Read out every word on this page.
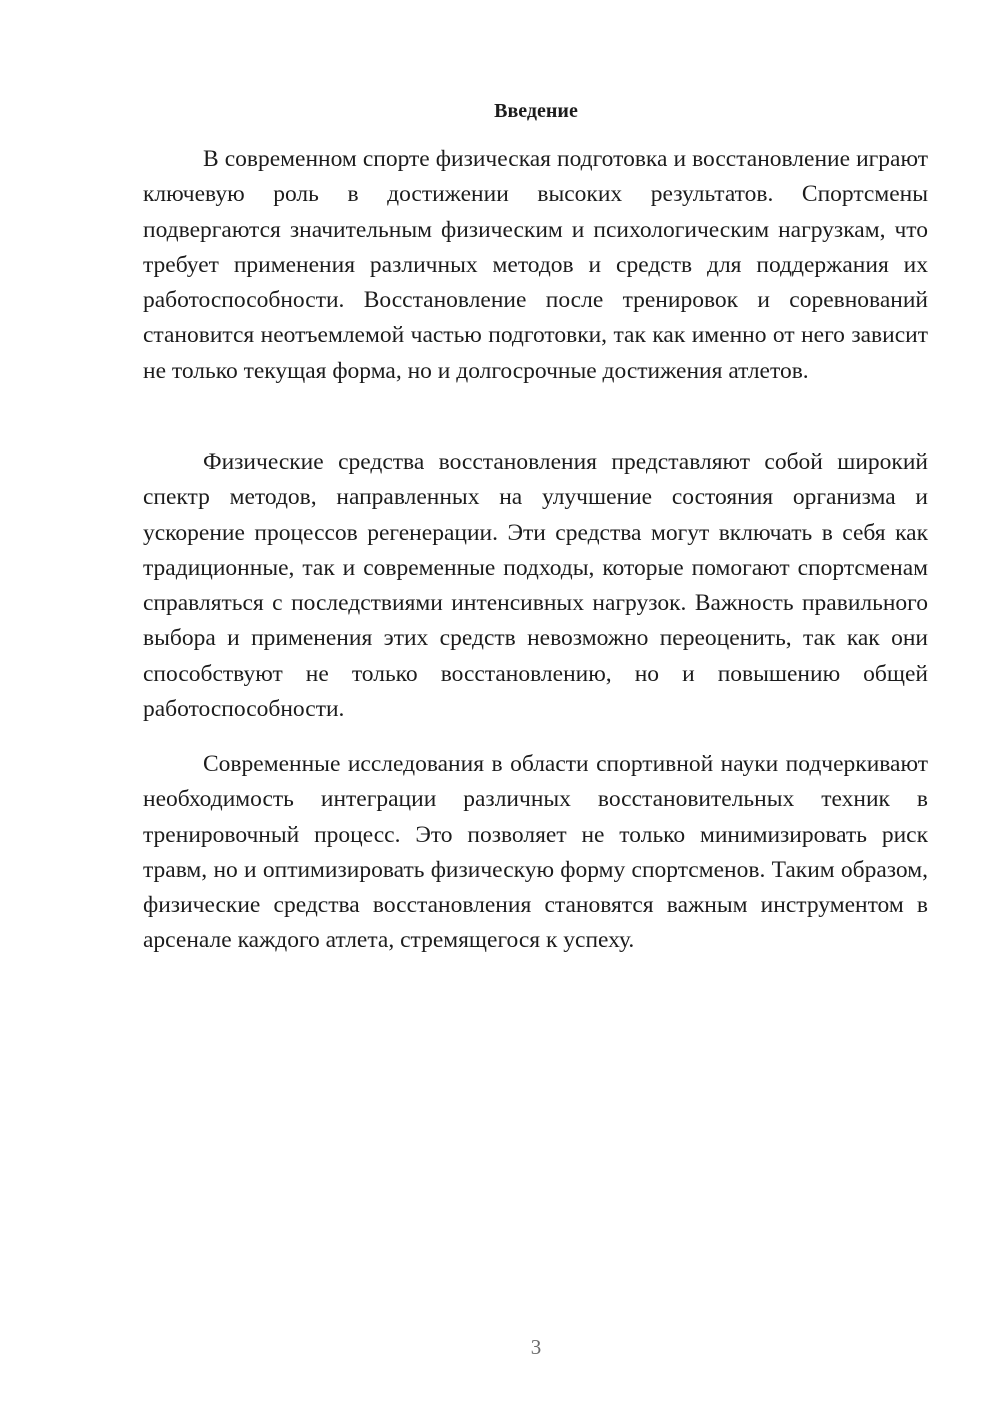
Введение

В современном спорте физическая подготовка и восстановление играют ключевую роль в достижении высоких результатов. Спортсмены подвергаются значительным физическим и психологическим нагрузкам, что требует применения различных методов и средств для поддержания их работоспособности. Восстановление после тренировок и соревнований становится неотъемлемой частью подготовки, так как именно от него зависит не только текущая форма, но и долгосрочные достижения атлетов.

Физические средства восстановления представляют собой широкий спектр методов, направленных на улучшение состояния организма и ускорение процессов регенерации. Эти средства могут включать в себя как традиционные, так и современные подходы, которые помогают спортсменам справляться с последствиями интенсивных нагрузок. Важность правильного выбора и применения этих средств невозможно переоценить, так как они способствуют не только восстановлению, но и повышению общей работоспособности.

Современные исследования в области спортивной науки подчеркивают необходимость интеграции различных восстановительных техник в тренировочный процесс. Это позволяет не только минимизировать риск травм, но и оптимизировать физическую форму спортсменов. Таким образом, физические средства восстановления становятся важным инструментом в арсенале каждого атлета, стремящегося к успеху.

3
